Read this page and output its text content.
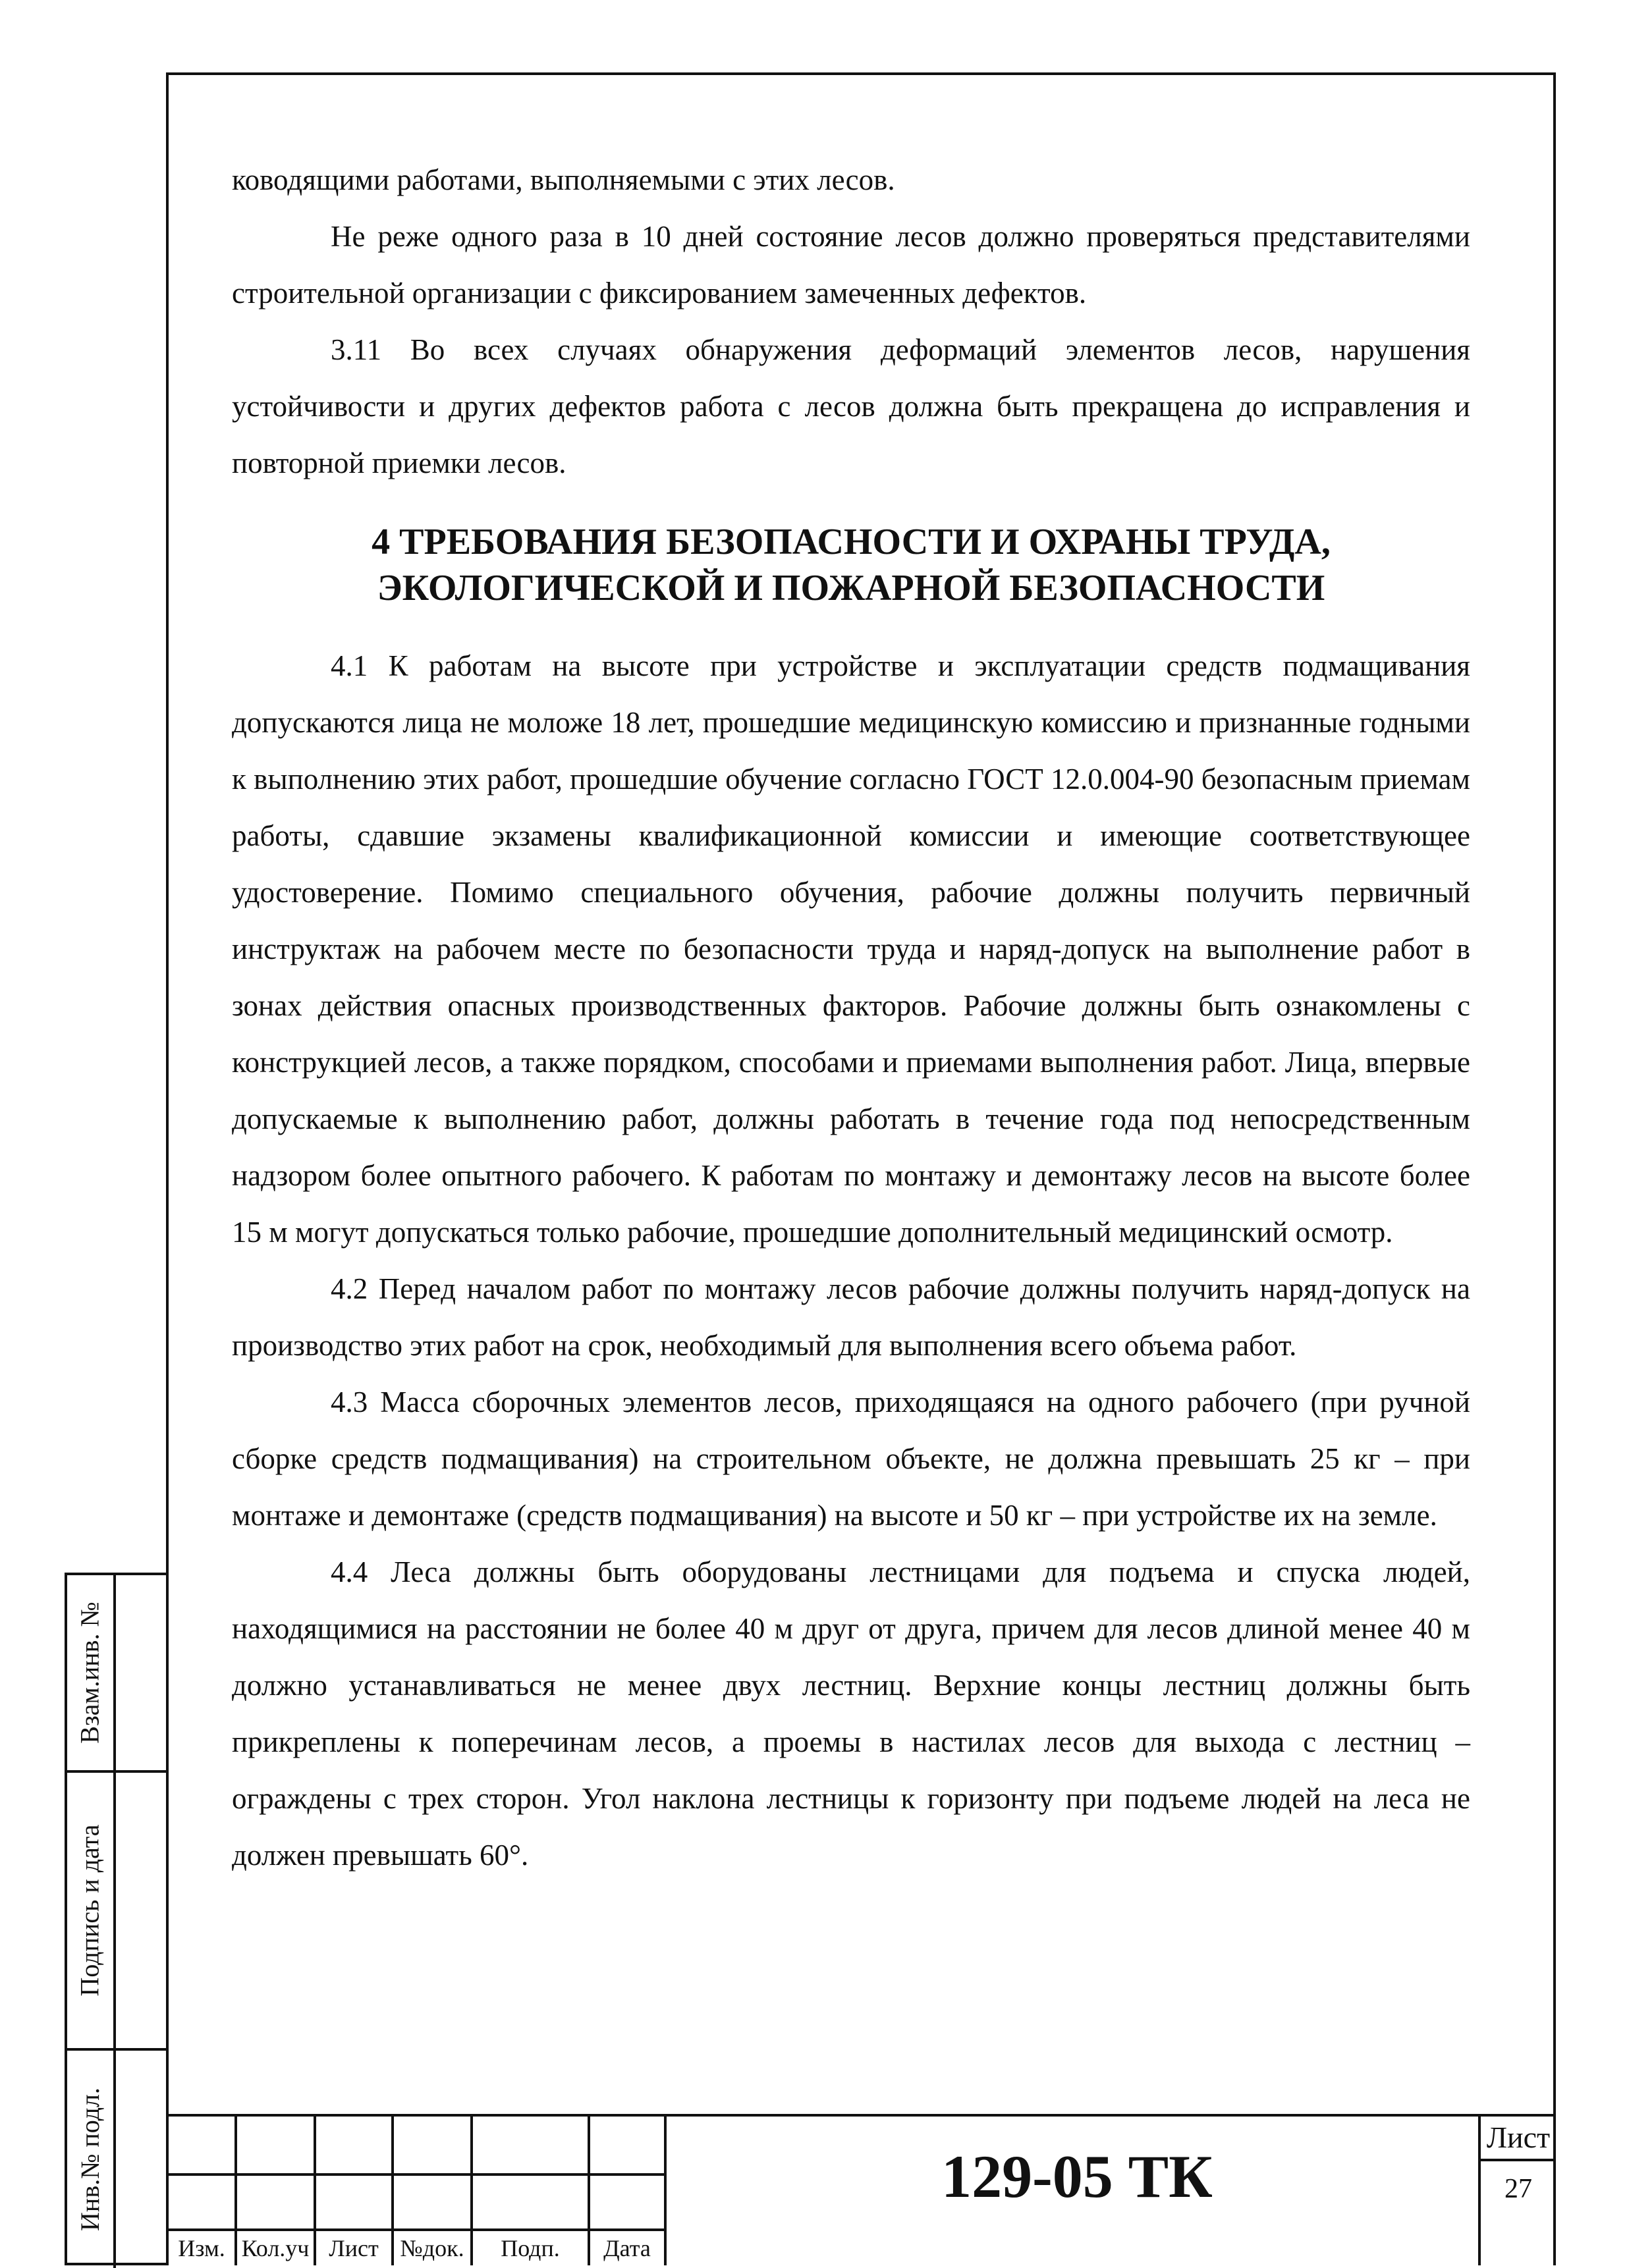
ководящими работами, выполняемыми с этих лесов.

Не реже одного раза в 10 дней состояние лесов должно проверяться представителями строительной организации с фиксированием замеченных дефектов.

3.11 Во всех случаях обнаружения деформаций элементов лесов, нарушения устойчивости и других дефектов работа с лесов должна быть прекращена до исправления и повторной приемки лесов.

4 ТРЕБОВАНИЯ БЕЗОПАСНОСТИ И ОХРАНЫ ТРУДА,
ЭКОЛОГИЧЕСКОЙ И ПОЖАРНОЙ БЕЗОПАСНОСТИ

4.1 К работам на высоте при устройстве и эксплуатации средств подмащивания допускаются лица не моложе 18 лет, прошедшие медицинскую комиссию и признанные годными к выполнению этих работ, прошедшие обучение согласно ГОСТ 12.0.004-90 безопасным приемам работы, сдавшие экзамены квалификационной комиссии и имеющие соответствующее удостоверение. Помимо специального обучения, рабочие должны получить первичный инструктаж на рабочем месте по безопасности труда и наряд-допуск на выполнение работ в зонах действия опасных производственных факторов. Рабочие должны быть ознакомлены с конструкцией лесов, а также порядком, способами и приемами выполнения работ. Лица, впервые допускаемые к выполнению работ, должны работать в течение года под непосредственным надзором более опытного рабочего. К работам по монтажу и демонтажу лесов на высоте более 15 м могут допускаться только рабочие, прошедшие дополнительный медицинский осмотр.

4.2 Перед началом работ по монтажу лесов рабочие должны получить наряд-допуск на производство этих работ на срок, необходимый для выполнения всего объема работ.

4.3 Масса сборочных элементов лесов, приходящаяся на одного рабочего (при ручной сборке средств подмащивания) на строительном объекте, не должна превышать 25 кг – при монтаже и демонтаже (средств подмащивания) на высоте и 50 кг – при устройстве их на земле.

4.4 Леса должны быть оборудованы лестницами для подъема и спуска людей, находящимися на расстоянии не более 40 м друг от друга, причем для лесов длиной менее 40 м должно устанавливаться не менее двух лестниц. Верхние концы лестниц должны быть прикреплены к поперечинам лесов, а проемы в настилах лесов для выхода с лестниц – ограждены с трех сторон. Угол наклона лестницы к горизонту при подъеме людей на леса не должен превышать 60°.

Взам.инв. №
Подпись и дата
Инв.№ подл.
Изм. Кол.уч Лист №док.	Подп.	Дата
129-05 ТК
Лист
27
